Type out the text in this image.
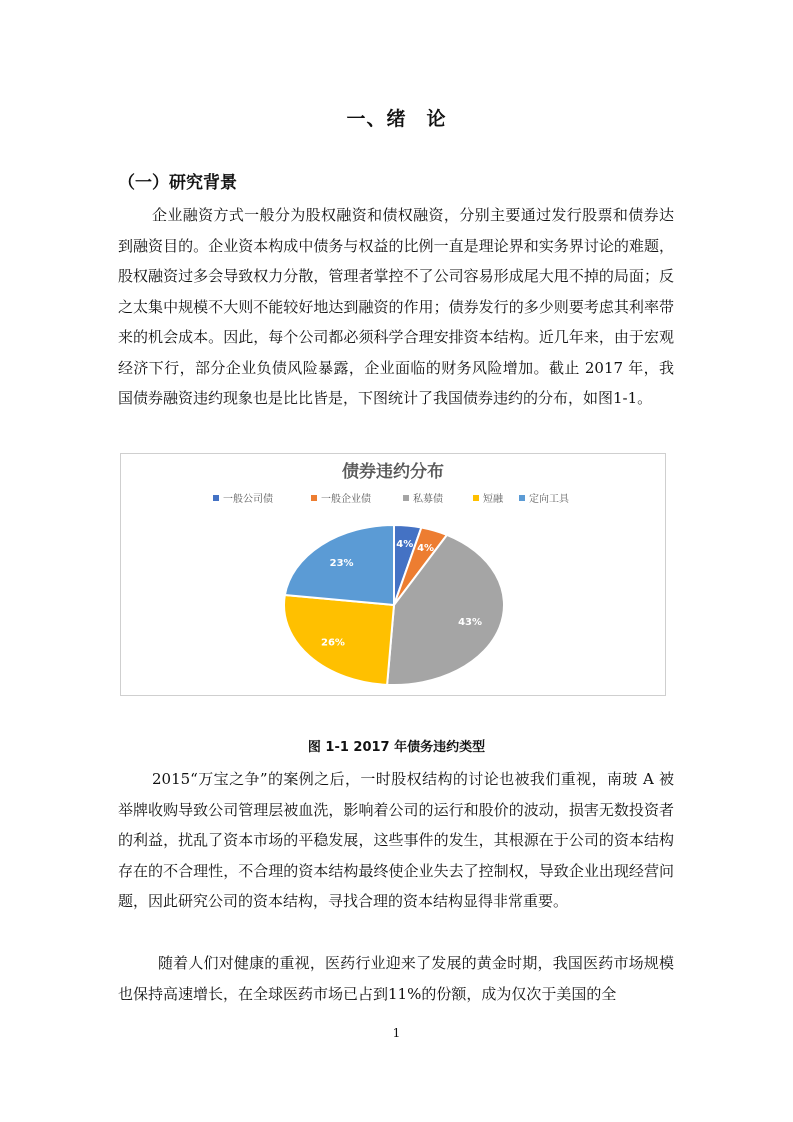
一、绪　论
（一）研究背景

企业融资方式一般分为股权融资和债权融资，分别主要通过发行股票和债券达到融资目的。企业资本构成中债务与权益的比例一直是理论界和实务界讨论的难题，股权融资过多会导致权力分散，管理者掌控不了公司容易形成尾大甩不掉的局面；反之太集中规模不大则不能较好地达到融资的作用；债券发行的多少则要考虑其利率带来的机会成本。因此，每个公司都必须科学合理安排资本结构。近几年来，由于宏观经济下行，部分企业负债风险暴露，企业面临的财务风险增加。截止 2017 年，我国债券融资违约现象也是比比皆是，下图统计了我国债券违约的分布，如图1-1。

债券违约分布
一般公司债	一般企业债	私募债	短融	定向工具
4% 4%
43%
26%
23%
图 1-1 2017 年债务违约类型

2015“万宝之争”的案例之后，一时股权结构的讨论也被我们重视，南玻 A 被举牌收购导致公司管理层被血洗，影响着公司的运行和股价的波动，损害无数投资者的利益，扰乱了资本市场的平稳发展，这些事件的发生，其根源在于公司的资本结构存在的不合理性，不合理的资本结构最终使企业失去了控制权，导致企业出现经营问题，因此研究公司的资本结构，寻找合理的资本结构显得非常重要。

随着人们对健康的重视，医药行业迎来了发展的黄金时期，我国医药市场规模也保持高速增长，在全球医药市场已占到11%的份额，成为仅次于美国的全

1
